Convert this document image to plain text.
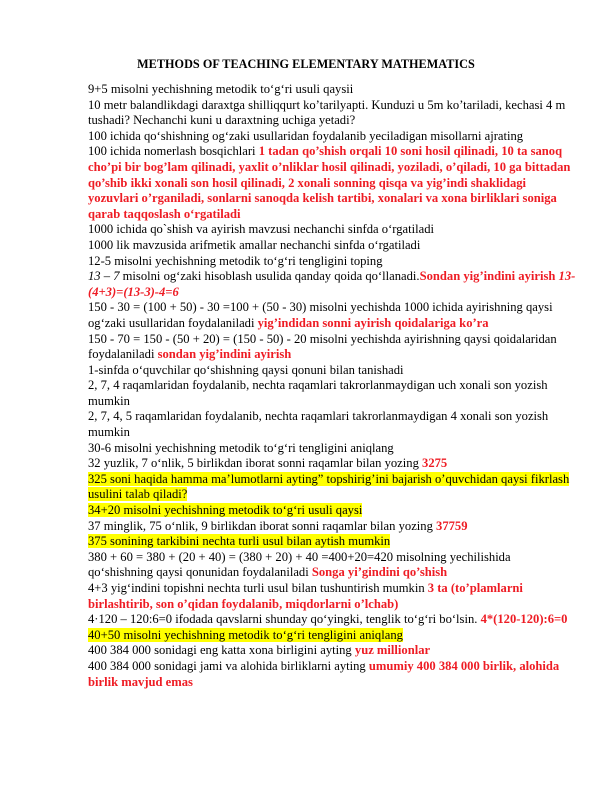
METHODS OF TEACHING ELEMENTARY MATHEMATICS

9+5 misolni yechishning metodik to‘g‘ri usuli qaysii

10 metr balandlikdagi daraxtga shilliqqurt ko’tarilyapti. Kunduzi u 5m ko’tariladi, kechasi 4 m tushadi? Nechanchi kuni u daraxtning uchiga yetadi?

100 ichida qo‘shishning og‘zaki usullaridan foydalanib yeciladigan misollarni ajrating

100 ichida nomerlash bosqichlari 1 tadan qo’shish orqali 10 soni hosil qilinadi, 10 ta sanoq cho’pi bir bog’lam qilinadi, yaxlit o’nliklar hosil qilinadi, yoziladi, o’qiladi, 10 ga bittadan qo’shib ikki xonali son hosil qilinadi, 2 xonali sonning qisqa va yig’indi shaklidagi yozuvlari o’rganiladi, sonlarni sanoqda kelish tartibi, xonalari va xona birliklari soniga qarab taqqoslash o‘rgatiladi

1000 ichida qo`shish va ayirish mavzusi nechanchi sinfda o‘rgatiladi

1000 lik mavzusida arifmetik amallar nechanchi sinfda o‘rgatiladi

12-5 misolni yechishning metodik to‘g‘ri tengligini toping

13 – 7 misolni og‘zaki hisoblash usulida qanday qoida qo‘llanadi.Sondan yig’indini ayirish 13-(4+3)=(13-3)-4=6

150 - 30 = (100 + 50) - 30 =100 + (50 - 30) misolni yechishda 1000 ichida ayirishning qaysi og‘zaki usullaridan foydalaniladi yig’indidan sonni ayirish qoidalariga ko’ra

150 - 70 = 150 - (50 + 20) = (150 - 50) - 20 misolni yechishda ayirishning qaysi qoidalaridan foydalaniladi sondan yig’indini ayirish

1-sinfda o‘quvchilar qo‘shishning qaysi qonuni bilan tanishadi

2, 7, 4 raqamlaridan foydalanib, nechta raqamlari takrorlanmaydigan uch xonali son yozish mumkin

2, 7, 4, 5 raqamlaridan foydalanib, nechta raqamlari takrorlanmaydigan 4 xonali son yozish mumkin

30-6 misolni yechishning metodik to‘g‘ri tengligini aniqlang

32 yuzlik, 7 o‘nlik, 5 birlikdan iborat sonni raqamlar bilan yozing 3275

325 soni haqida hamma ma’lumotlarni ayting” topshirig’ini bajarish o’quvchidan qaysi fikrlash usulini talab qiladi?

34+20 misolni yechishning metodik to‘g‘ri usuli qaysi

37 minglik, 75 o‘nlik, 9 birlikdan iborat sonni raqamlar bilan yozing 37759

375 sonining tarkibini nechta turli usul bilan aytish mumkin

380 + 60 = 380 + (20 + 40) = (380 + 20) + 40 =400+20=420 misolning yechilishida qo‘shishning qaysi qonunidan foydalaniladi Songa yi’gindini qo’shish

4+3 yig‘indini topishni nechta turli usul bilan tushuntirish mumkin 3 ta (to’plamlarni birlashtirib, son o’qidan foydalanib, miqdorlarni o’lchab)

4·120 – 120:6=0 ifodada qavslarni shunday qo‘yingki, tenglik to‘g‘ri bo‘lsin. 4*(120-120):6=0

40+50 misolni yechishning metodik to‘g‘ri tengligini aniqlang

400 384 000 sonidagi eng katta xona birligini ayting yuz millionlar

400 384 000 sonidagi jami va alohida birliklarni ayting umumiy 400 384 000 birlik, alohida birlik mavjud emas
